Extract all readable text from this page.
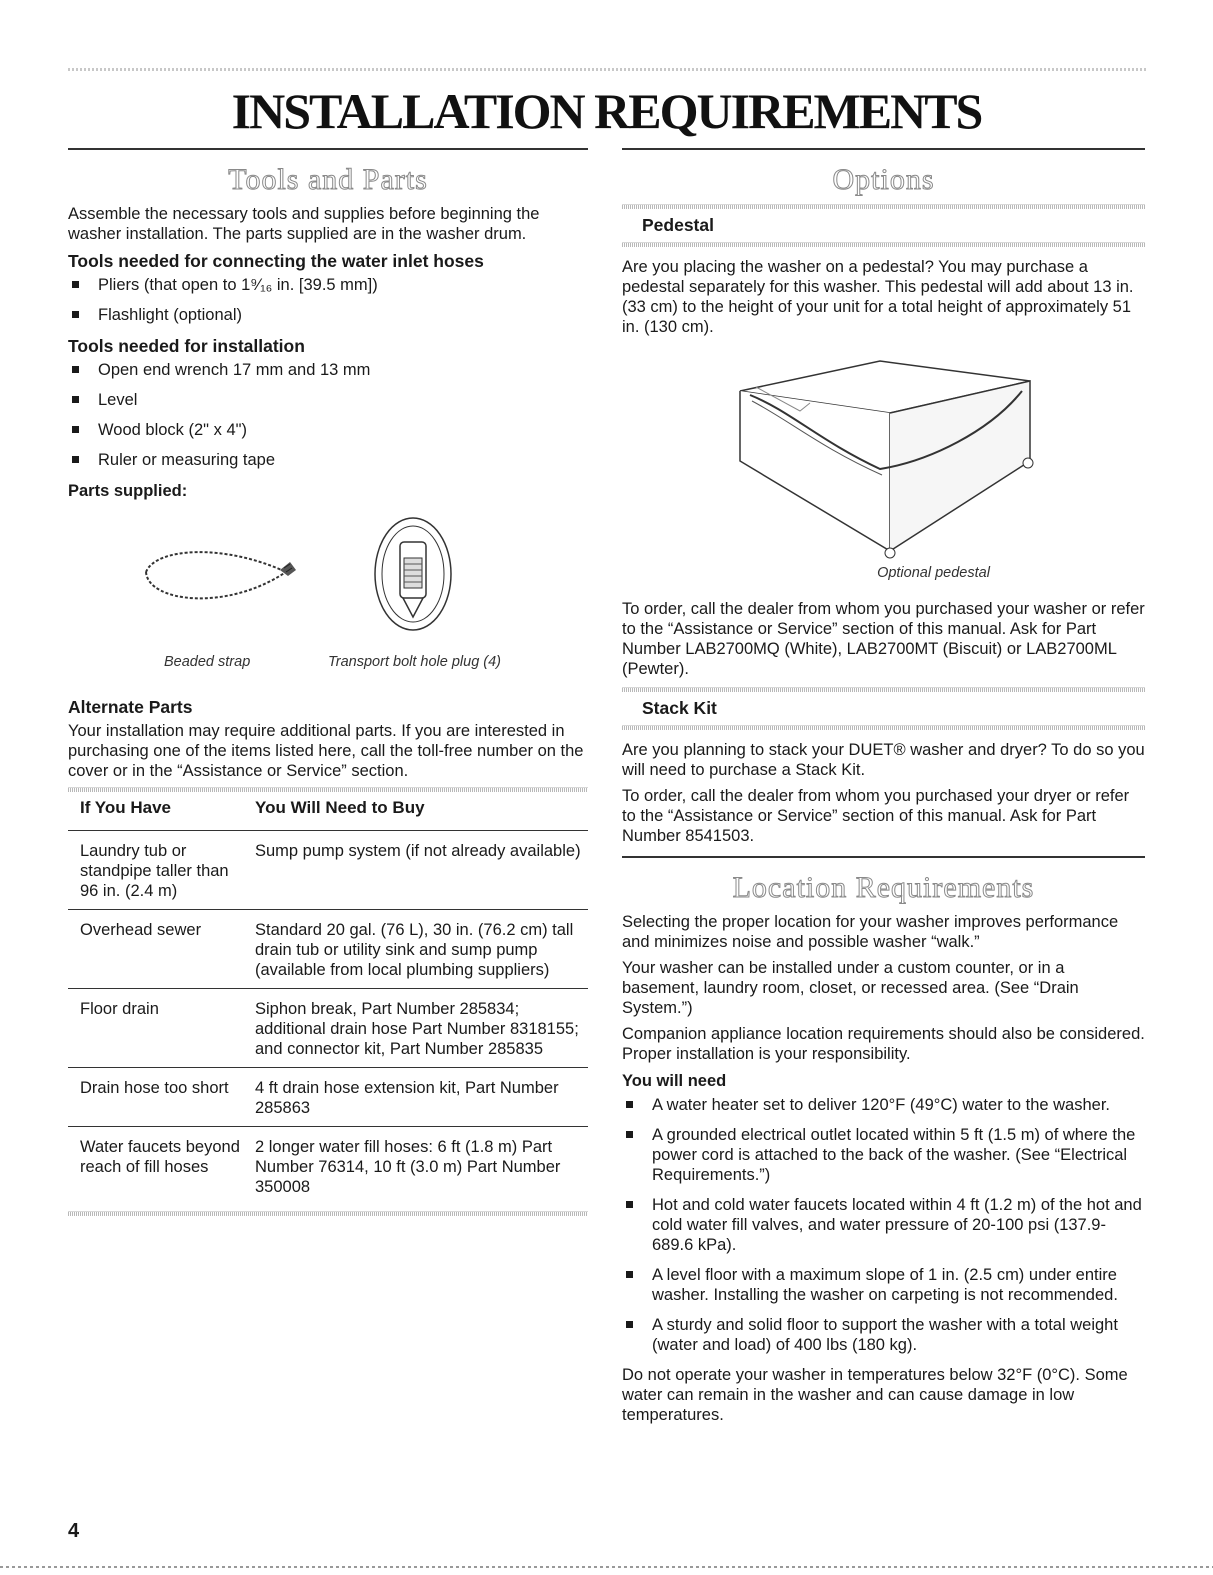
INSTALLATION REQUIREMENTS
Tools and Parts

Assemble the necessary tools and supplies before beginning the washer installation. The parts supplied are in the washer drum.

Tools needed for connecting the water inlet hoses
Pliers (that open to 1⁹⁄₁₆ in. [39.5 mm])
Flashlight (optional)
Tools needed for installation
Open end wrench 17 mm and 13 mm
Level
Wood block (2" x 4")
Ruler or measuring tape
Parts supplied:
Beaded strap	Transport bolt hole plug (4)
Alternate Parts

Your installation may require additional parts. If you are interested in purchasing one of the items listed here, call the toll-free number on the cover or in the “Assistance or Service” section.

If You Have	You Will Need to Buy
Laundry tub or standpipe taller than 96 in. (2.4 m)	Sump pump system (if not already available)
Overhead sewer	Standard 20 gal. (76 L), 30 in. (76.2 cm) tall drain tub or utility sink and sump pump (available from local plumbing suppliers)
Floor drain	Siphon break, Part Number 285834; additional drain hose Part Number 8318155; and connector kit, Part Number 285835
Drain hose too short	4 ft drain hose extension kit, Part Number 285863
Water faucets beyond reach of fill hoses	2 longer water fill hoses: 6 ft (1.8 m) Part Number 76314, 10 ft (3.0 m) Part Number 350008
Options
Pedestal

Are you placing the washer on a pedestal? You may purchase a pedestal separately for this washer. This pedestal will add about 13 in. (33 cm) to the height of your unit for a total height of approximately 51 in. (130 cm).

Optional pedestal

To order, call the dealer from whom you purchased your washer or refer to the “Assistance or Service” section of this manual. Ask for Part Number LAB2700MQ (White), LAB2700MT (Biscuit) or LAB2700ML (Pewter).

Stack Kit

Are you planning to stack your DUET® washer and dryer? To do so you will need to purchase a Stack Kit.

To order, call the dealer from whom you purchased your dryer or refer to the “Assistance or Service” section of this manual. Ask for Part Number 8541503.

Location Requirements

Selecting the proper location for your washer improves performance and minimizes noise and possible washer “walk.”

Your washer can be installed under a custom counter, or in a basement, laundry room, closet, or recessed area. (See “Drain System.”)

Companion appliance location requirements should also be considered. Proper installation is your responsibility.

You will need
A water heater set to deliver 120°F (49°C) water to the washer.
A grounded electrical outlet located within 5 ft (1.5 m) of where the power cord is attached to the back of the washer. (See “Electrical Requirements.”)
Hot and cold water faucets located within 4 ft (1.2 m) of the hot and cold water fill valves, and water pressure of 20-100 psi (137.9-689.6 kPa).
A level floor with a maximum slope of 1 in. (2.5 cm) under entire washer. Installing the washer on carpeting is not recommended.
A sturdy and solid floor to support the washer with a total weight (water and load) of 400 lbs (180 kg).

Do not operate your washer in temperatures below 32°F (0°C). Some water can remain in the washer and can cause damage in low temperatures.

4
